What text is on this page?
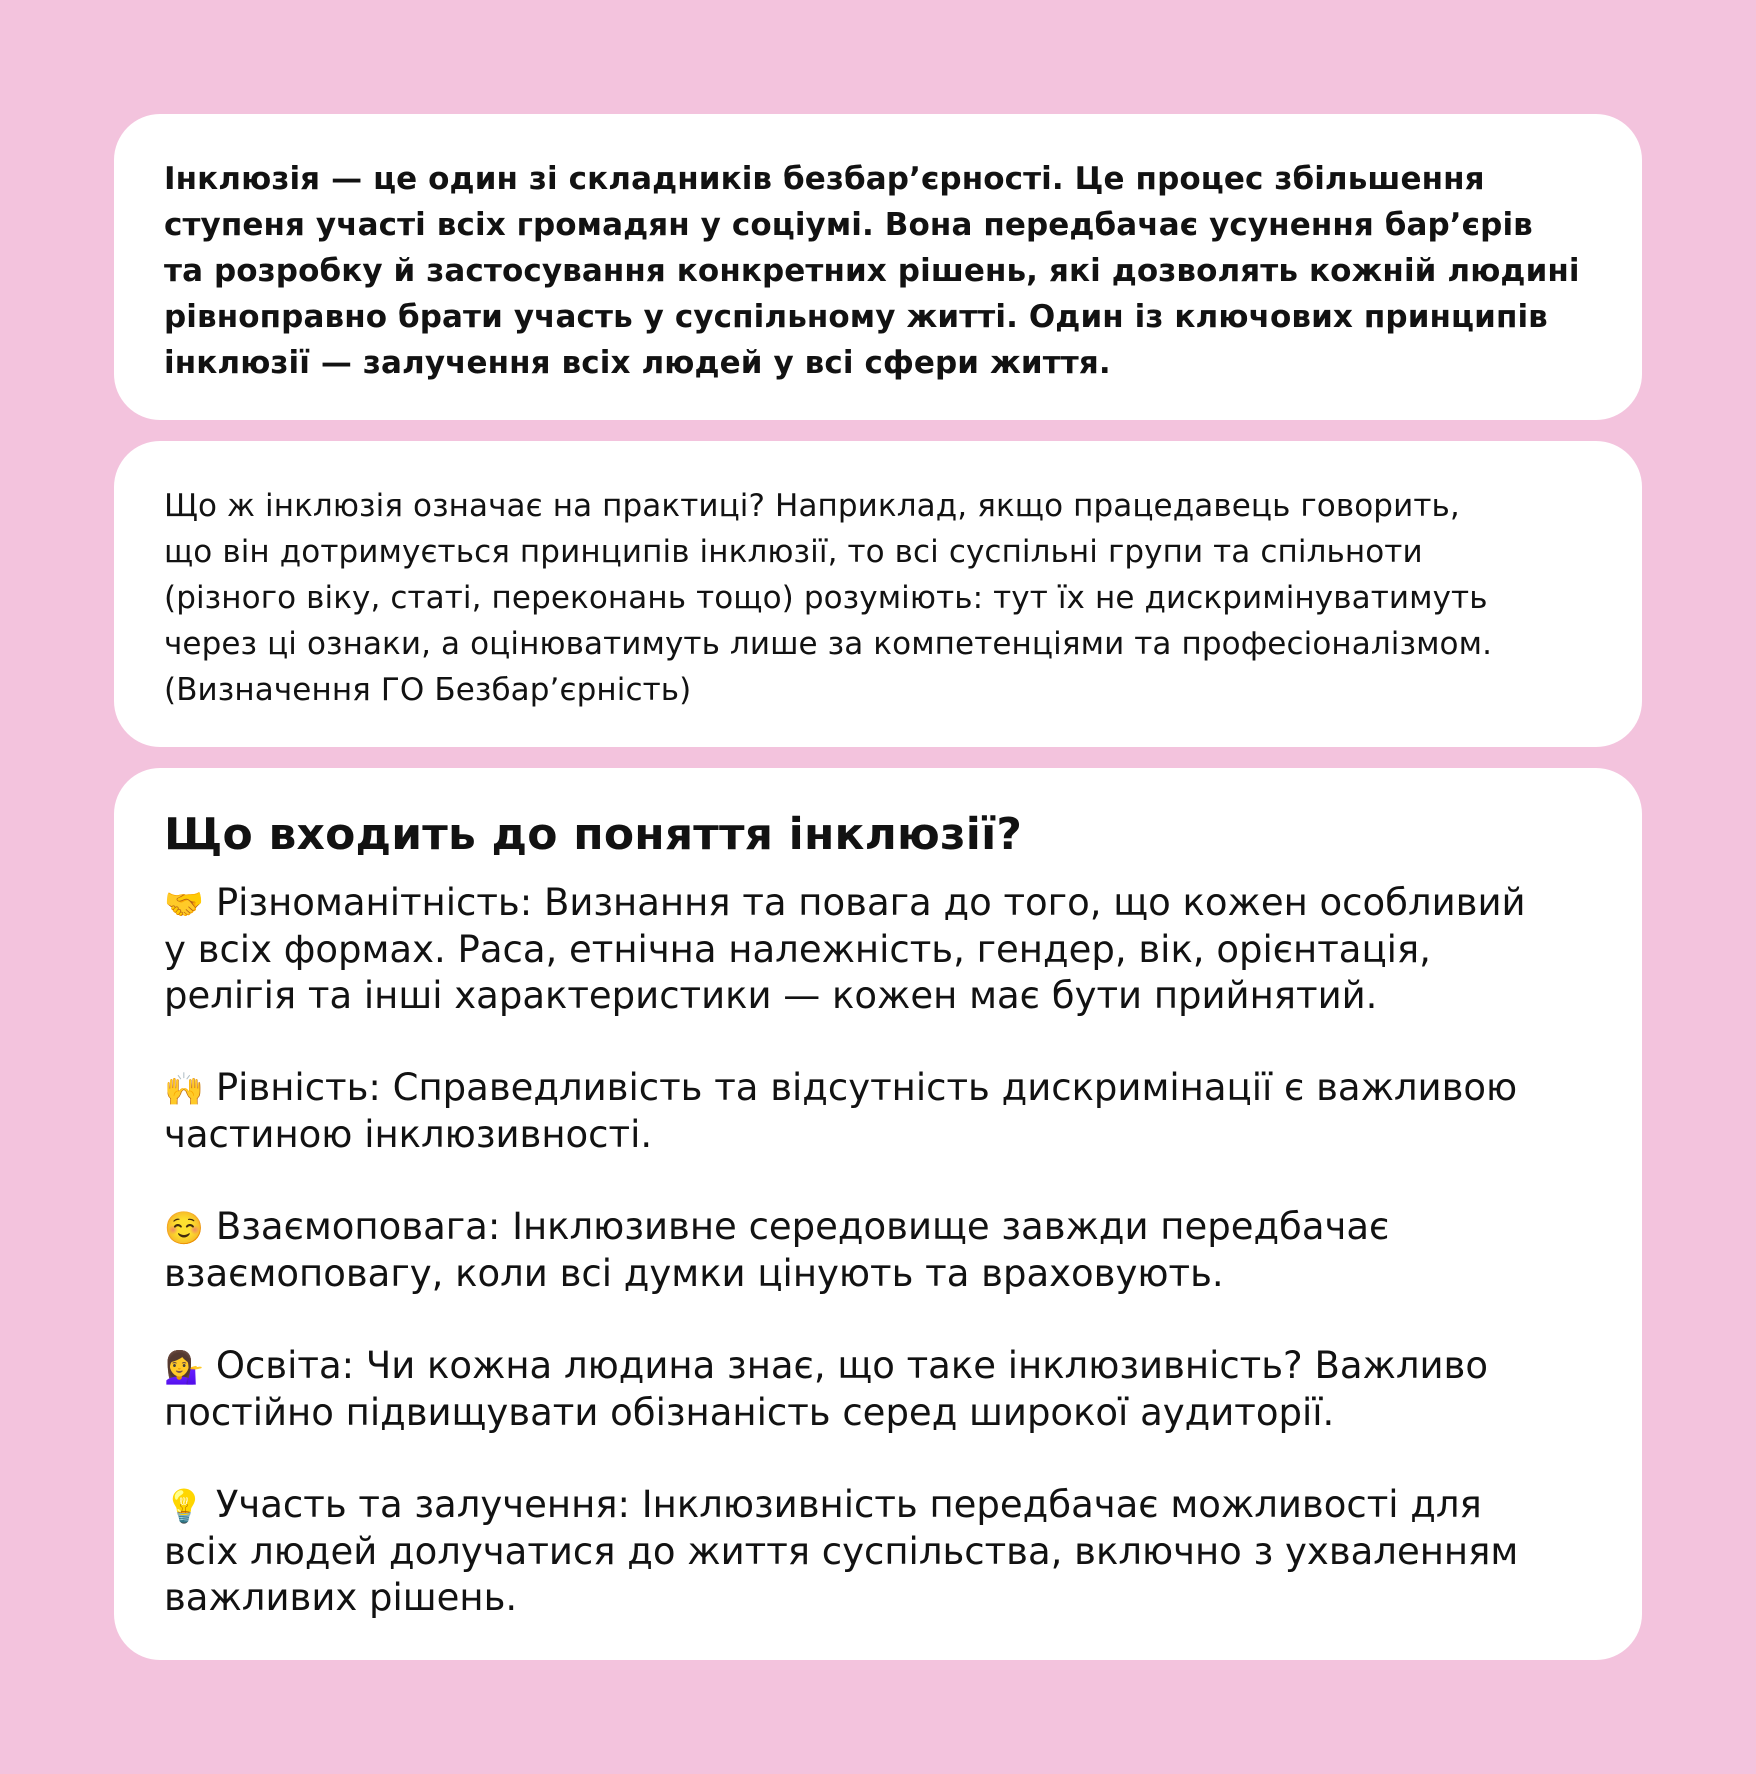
Інклюзія — це один зі складників безбар’єрності. Це процес збільшення
ступеня участі всіх громадян у соціумі. Вона передбачає усунення бар’єрів
та розробку й застосування конкретних рішень, які дозволять кожній людині
рівноправно брати участь у суспільному житті. Один із ключових принципів
інклюзії — залучення всіх людей у всі сфери життя.

Що ж інклюзія означає на практиці? Наприклад, якщо працедавець говорить,
що він дотримується принципів інклюзії, то всі суспільні групи та спільноти
(різного віку, статі, переконань тощо) розуміють: тут їх не дискримінуватимуть
через ці ознаки, а оцінюватимуть лише за компетенціями та професіоналізмом.
(Визначення ГО Безбар’єрність)

Що входить до поняття інклюзії?

🤝 Різноманітність: Визнання та повага до того, що кожен особливий
у всіх формах. Раса, етнічна належність, гендер, вік, орієнтація,
релігія та інші характеристики — кожен має бути прийнятий.

🙌 Рівність: Справедливість та відсутність дискримінації є важливою
частиною інклюзивності.

☺️ Взаємоповага: Інклюзивне середовище завжди передбачає
взаємоповагу, коли всі думки цінують та враховують.

💁‍♀️ Освіта: Чи кожна людина знає, що таке інклюзивність? Важливо
постійно підвищувати обізнаність серед широкої аудиторії.

💡 Участь та залучення: Інклюзивність передбачає можливості для
всіх людей долучатися до життя суспільства, включно з ухваленням
важливих рішень.
